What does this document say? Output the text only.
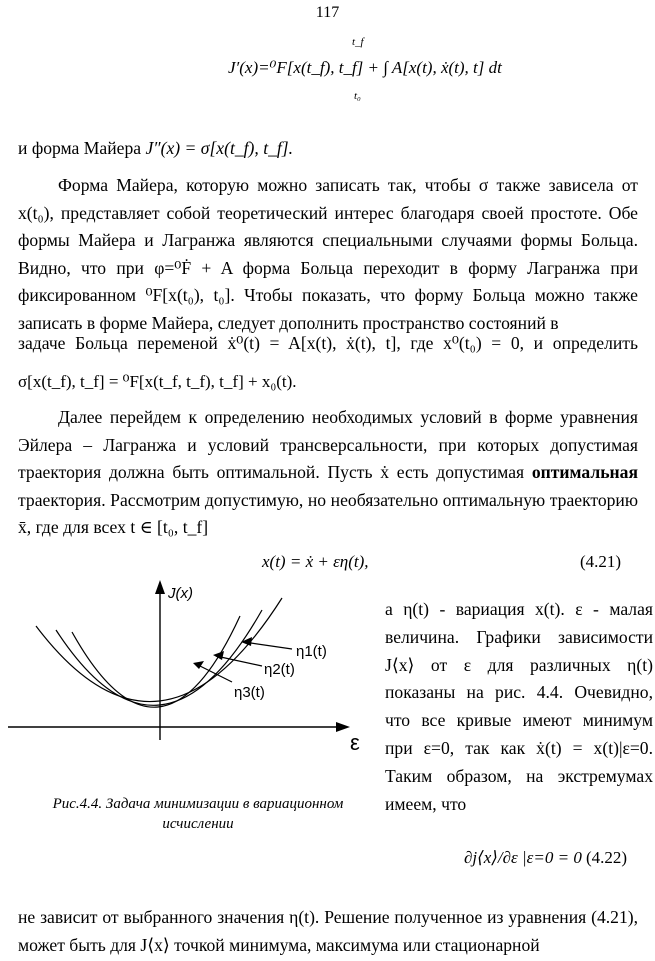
117
J′(x)=⁰F[x(t_f), t_f] + ∫ A[x(t), ẋ(t), t] dt
t_f
t₀
и форма Майера J″(x) = σ[x(t_f), t_f].
Форма Майера, которую можно записать так, чтобы σ также зависела от x(t₀), представляет собой теоретический интерес благодаря своей простоте. Обе формы Майера и Лагранжа являются специальными случаями формы Больца. Видно, что при φ=⁰Ḟ + A форма Больца переходит в форму Лагранжа при фиксированном ⁰F[x(t₀), t₀]. Чтобы показать, что форму Больца можно также записать в форме Майера, следует дополнить пространство состояний в
задаче Больца переменой ẋ⁰(t) = A[x(t), ẋ(t), t], где x⁰(t₀) = 0, и определить
σ[x(t_f), t_f] = ⁰F[x(t_f, t_f), t_f] + x₀(t).
Далее перейдем к определению необходимых условий в форме уравнения Эйлера – Лагранжа и условий трансверсальности, при которых допустимая траектория должна быть оптимальной. Пусть ẋ есть допустимая оптимальная траектория. Рассмотрим допустимую, но необязательно оптимальную траекторию x̄, где для всех t ∈ [t₀, t_f]
x(t) = ẋ + εη(t),	(4.21)
J(x)
ε
η1(t)
η2(t)
η3(t)
Рис.4.4. Задача минимизации в вариационном
исчислении
а η(t) - вариация x(t). ε - малая величина. Графики зависимости J⟨x⟩ от ε для различных η(t) показаны на рис. 4.4. Очевидно, что все кривые имеют минимум при ε=0, так как ẋ(t) = x(t)|ε=0. Таким образом, на экстремумах имеем, что
∂j⟨x⟩/∂ε |ε=0 = 0 (4.22)
не зависит от выбранного значения η(t). Решение полученное из уравнения (4.21), может быть для J⟨x⟩ точкой минимума, максимума или стационарной
